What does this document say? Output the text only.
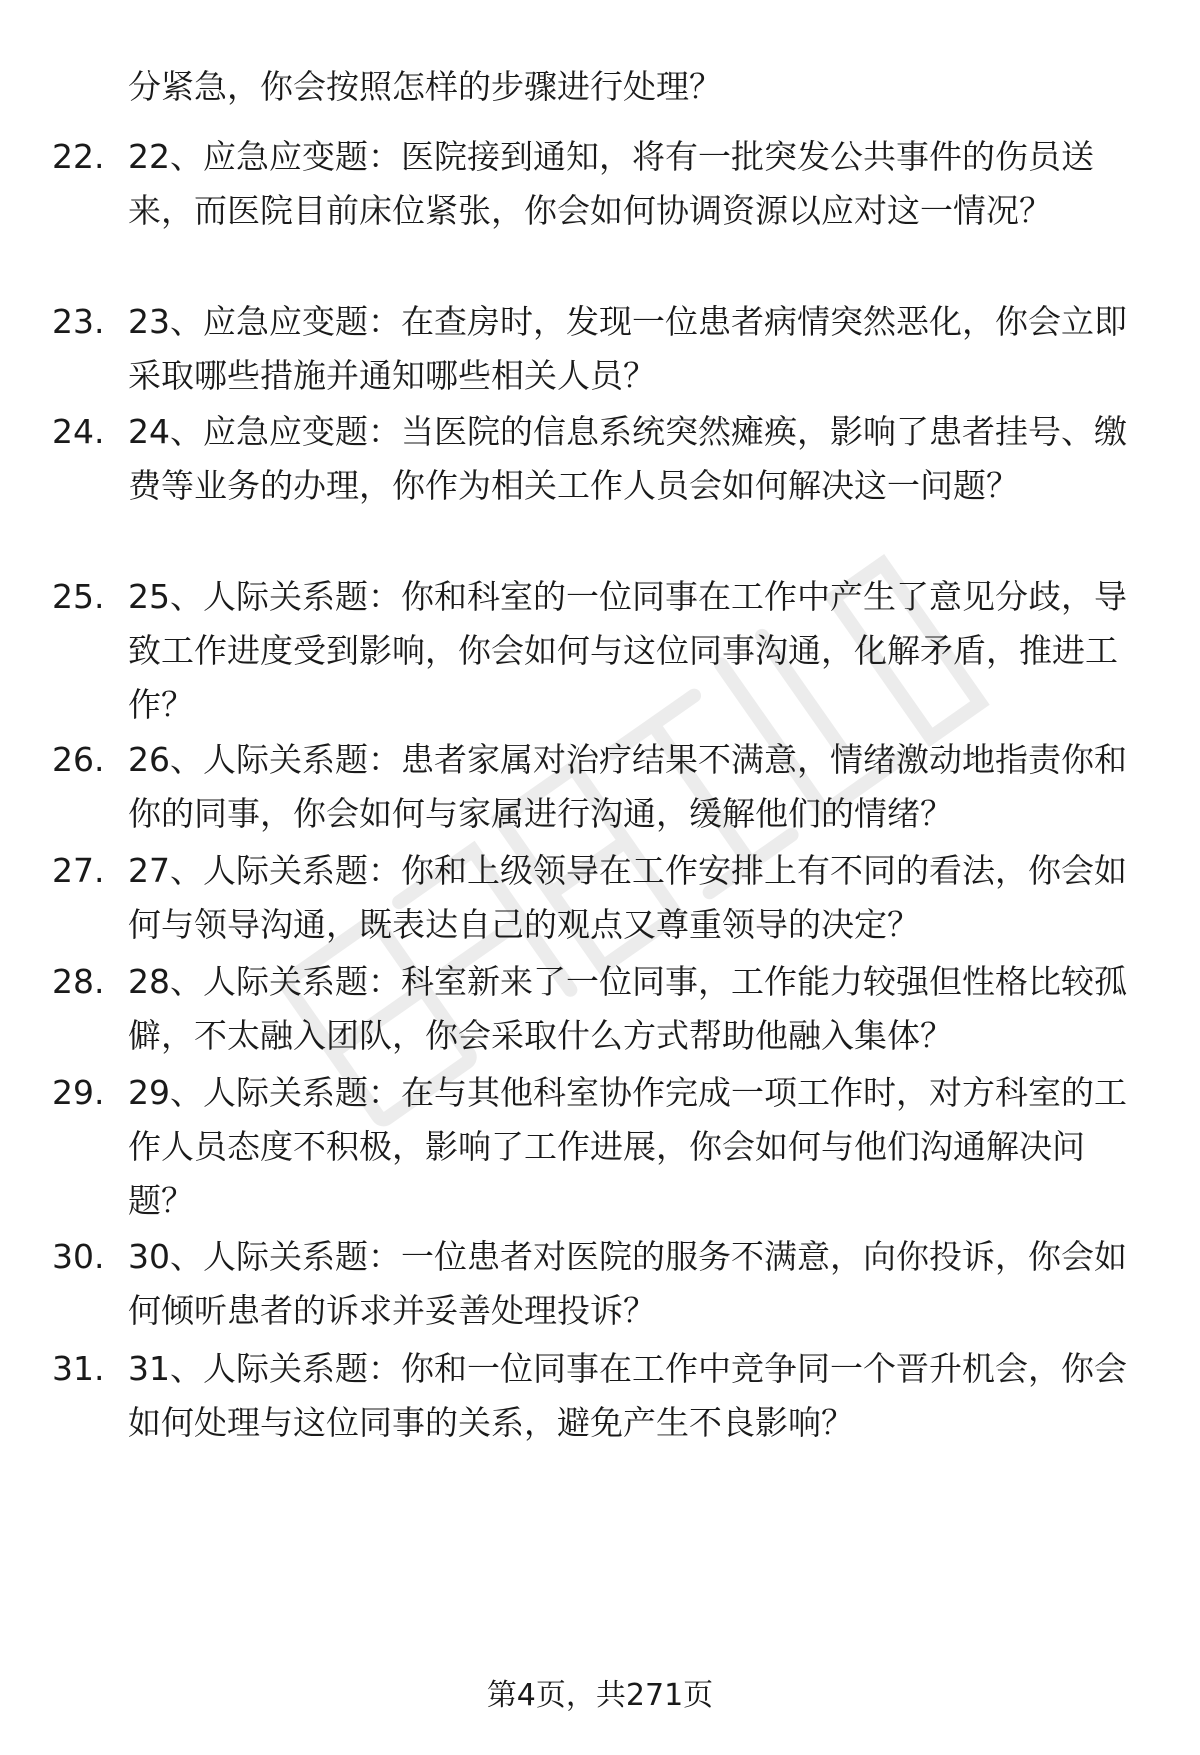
分紧急，你会按照怎样的步骤进行处理？
22. 22、应急应变题：医院接到通知，将有一批突发公共事件的伤员送来，而医院目前床位紧张，你会如何协调资源以应对这一情况？
23. 23、应急应变题：在查房时，发现一位患者病情突然恶化，你会立即采取哪些措施并通知哪些相关人员？
24. 24、应急应变题：当医院的信息系统突然瘫痪，影响了患者挂号、缴费等业务的办理，你作为相关工作人员会如何解决这一问题？
25. 25、人际关系题：你和科室的一位同事在工作中产生了意见分歧，导致工作进度受到影响，你会如何与这位同事沟通，化解矛盾，推进工作？
26. 26、人际关系题：患者家属对治疗结果不满意，情绪激动地指责你和你的同事，你会如何与家属进行沟通，缓解他们的情绪？
27. 27、人际关系题：你和上级领导在工作安排上有不同的看法，你会如何与领导沟通，既表达自己的观点又尊重领导的决定？
28. 28、人际关系题：科室新来了一位同事，工作能力较强但性格比较孤僻，不太融入团队，你会采取什么方式帮助他融入集体？
29. 29、人际关系题：在与其他科室协作完成一项工作时，对方科室的工作人员态度不积极，影响了工作进展，你会如何与他们沟通解决问题？
30. 30、人际关系题：一位患者对医院的服务不满意，向你投诉，你会如何倾听患者的诉求并妥善处理投诉？
31. 31、人际关系题：你和一位同事在工作中竞争同一个晋升机会，你会如何处理与这位同事的关系，避免产生不良影响？
第4页，共271页
